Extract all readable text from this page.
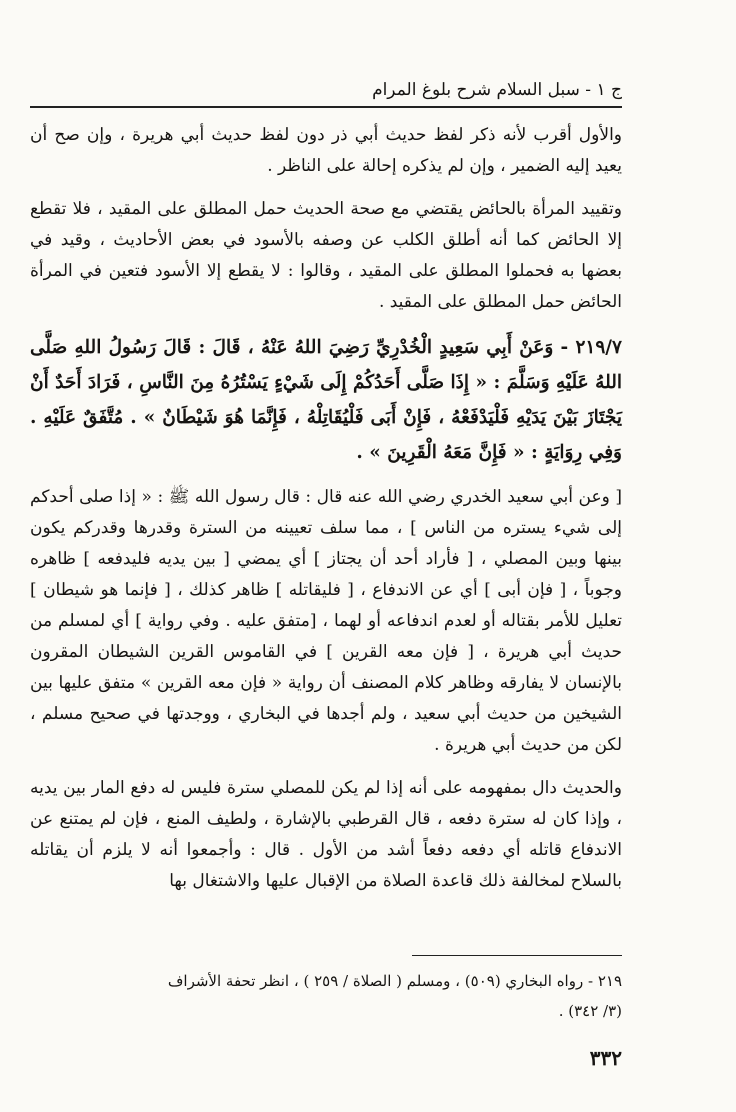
ج ١ - سبل السلام شرح بلوغ المرام

والأول أقرب لأنه ذكر لفظ حديث أبي ذر دون لفظ حديث أبي هريرة ، وإن صح أن يعيد إليه الضمير ، وإن لم يذكره إحالة على الناظر .

وتقييد المرأة بالحائض يقتضي مع صحة الحديث حمل المطلق على المقيد ، فلا تقطع إلا الحائض كما أنه أطلق الكلب عن وصفه بالأسود في بعض الأحاديث ، وقيد في بعضها به فحملوا المطلق على المقيد ، وقالوا : لا يقطع إلا الأسود فتعين في المرأة الحائض حمل المطلق على المقيد .

٢١٩/٧ - وَعَنْ أَبِي سَعِيدٍ الْخُدْرِيِّ رَضِيَ اللهُ عَنْهُ ، قَالَ : قَالَ رَسُولُ اللهِ صَلَّى اللهُ عَلَيْهِ وَسَلَّمَ : « إِذَا صَلَّى أَحَدُكُمْ إِلَى شَيْءٍ يَسْتُرُهُ مِنَ النَّاسِ ، فَرَادَ أَحَدٌ أَنْ يَجْتَازَ بَيْنَ يَدَيْهِ فَلْيَدْفَعْهُ ، فَإِنْ أَبَى فَلْيُقَاتِلْهُ ، فَإِنَّمَا هُوَ شَيْطَانٌ » . مُتَّفَقٌ عَلَيْهِ . وَفِي رِوَايَةٍ : « فَإِنَّ مَعَهُ الْقَرِينَ » .

[ وعن أبي سعيد الخدري رضي الله عنه قال : قال رسول الله ﷺ : « إذا صلى أحدكم إلى شيء يستره من الناس ] ، مما سلف تعيينه من السترة وقدرها وقدركم يكون بينها وبين المصلي ، [ فأراد أحد أن يجتاز ] أي يمضي [ بين يديه فليدفعه ] ظاهره وجوباً ، [ فإن أبى ] أي عن الاندفاع ، [ فليقاتله ] ظاهر كذلك ، [ فإنما هو شيطان ] تعليل للأمر بقتاله أو لعدم اندفاعه أو لهما ، [متفق عليه . وفي رواية ] أي لمسلم من حديث أبي هريرة ، [ فإن معه القرين ] في القاموس القرين الشيطان المقرون بالإنسان لا يفارقه وظاهر كلام المصنف أن رواية « فإن معه القرين » متفق عليها بين الشيخين من حديث أبي سعيد ، ولم أجدها في البخاري ، ووجدتها في صحيح مسلم ، لكن من حديث أبي هريرة .

والحديث دال بمفهومه على أنه إذا لم يكن للمصلي سترة فليس له دفع المار بين يديه ، وإذا كان له سترة دفعه ، قال القرطبي بالإشارة ، ولطيف المنع ، فإن لم يمتنع عن الاندفاع قاتله أي دفعه دفعاً أشد من الأول . قال : وأجمعوا أنه لا يلزم أن يقاتله بالسلاح لمخالفة ذلك قاعدة الصلاة من الإقبال عليها والاشتغال بها

٢١٩ - رواه البخاري (٥٠٩) ، ومسلم ( الصلاة / ٢٥٩ ) ، انظر تحفة الأشراف
(٣/ ٣٤٢) .
٣٣٢
